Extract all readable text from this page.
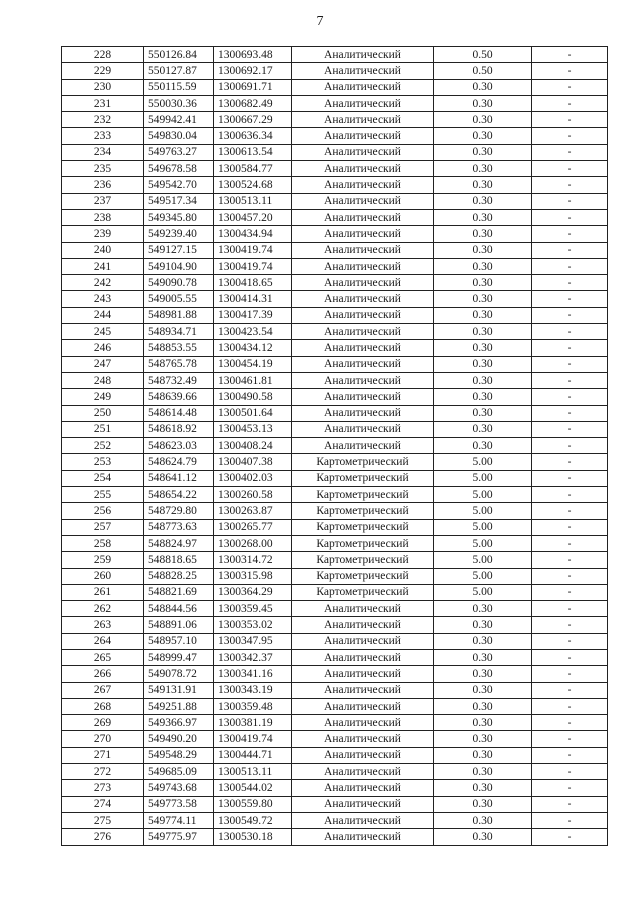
7
228	550126.84	1300693.48	Аналитический	0.50	-
229	550127.87	1300692.17	Аналитический	0.50	-
230	550115.59	1300691.71	Аналитический	0.30	-
231	550030.36	1300682.49	Аналитический	0.30	-
232	549942.41	1300667.29	Аналитический	0.30	-
233	549830.04	1300636.34	Аналитический	0.30	-
234	549763.27	1300613.54	Аналитический	0.30	-
235	549678.58	1300584.77	Аналитический	0.30	-
236	549542.70	1300524.68	Аналитический	0.30	-
237	549517.34	1300513.11	Аналитический	0.30	-
238	549345.80	1300457.20	Аналитический	0.30	-
239	549239.40	1300434.94	Аналитический	0.30	-
240	549127.15	1300419.74	Аналитический	0.30	-
241	549104.90	1300419.74	Аналитический	0.30	-
242	549090.78	1300418.65	Аналитический	0.30	-
243	549005.55	1300414.31	Аналитический	0.30	-
244	548981.88	1300417.39	Аналитический	0.30	-
245	548934.71	1300423.54	Аналитический	0.30	-
246	548853.55	1300434.12	Аналитический	0.30	-
247	548765.78	1300454.19	Аналитический	0.30	-
248	548732.49	1300461.81	Аналитический	0.30	-
249	548639.66	1300490.58	Аналитический	0.30	-
250	548614.48	1300501.64	Аналитический	0.30	-
251	548618.92	1300453.13	Аналитический	0.30	-
252	548623.03	1300408.24	Аналитический	0.30	-
253	548624.79	1300407.38	Картометрический	5.00	-
254	548641.12	1300402.03	Картометрический	5.00	-
255	548654.22	1300260.58	Картометрический	5.00	-
256	548729.80	1300263.87	Картометрический	5.00	-
257	548773.63	1300265.77	Картометрический	5.00	-
258	548824.97	1300268.00	Картометрический	5.00	-
259	548818.65	1300314.72	Картометрический	5.00	-
260	548828.25	1300315.98	Картометрический	5.00	-
261	548821.69	1300364.29	Картометрический	5.00	-
262	548844.56	1300359.45	Аналитический	0.30	-
263	548891.06	1300353.02	Аналитический	0.30	-
264	548957.10	1300347.95	Аналитический	0.30	-
265	548999.47	1300342.37	Аналитический	0.30	-
266	549078.72	1300341.16	Аналитический	0.30	-
267	549131.91	1300343.19	Аналитический	0.30	-
268	549251.88	1300359.48	Аналитический	0.30	-
269	549366.97	1300381.19	Аналитический	0.30	-
270	549490.20	1300419.74	Аналитический	0.30	-
271	549548.29	1300444.71	Аналитический	0.30	-
272	549685.09	1300513.11	Аналитический	0.30	-
273	549743.68	1300544.02	Аналитический	0.30	-
274	549773.58	1300559.80	Аналитический	0.30	-
275	549774.11	1300549.72	Аналитический	0.30	-
276	549775.97	1300530.18	Аналитический	0.30	-
